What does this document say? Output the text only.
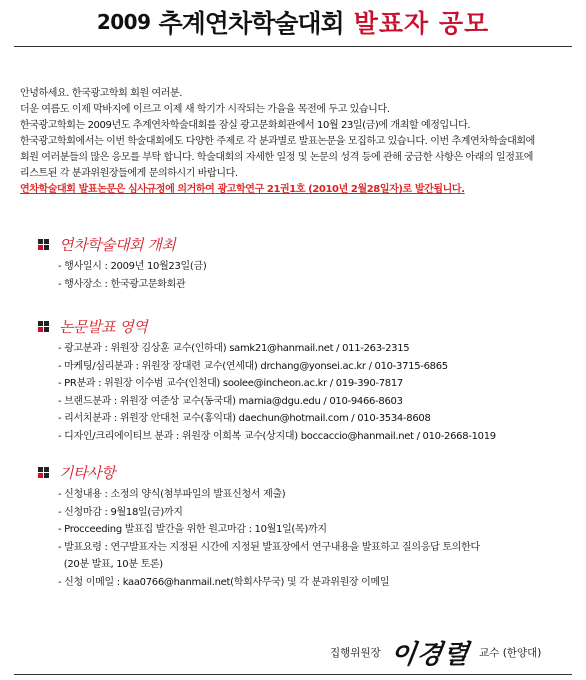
2009 추계연차학술대회 발표자 공모

안녕하세요. 한국광고학회 회원 여러분.

더운 여름도 이제 막바지에 이르고 이제 새 학기가 시작되는 가을을 목전에 두고 있습니다.

한국광고학회는 2009년도 추계연차학술대회를 잠실 광고문화회관에서 10월 23일(금)에 개최할 예정입니다.

한국광고학회에서는 이번 학술대회에도 다양한 주제로 각 분과별로 발표논문을 모집하고 있습니다. 이번 추계연차학술대회에

회원 여러분들의 많은 응모를 부탁 합니다. 학술대회의 자세한 일정 및 논문의 성격 등에 관해 궁금한 사항은 아래의 일정표에

리스트된 각 분과위원장들에게 문의하시기 바랍니다.

연차학술대회 발표논문은 심사규정에 의거하여 광고학연구 21권1호 (2010년 2월28일자)로 발간됩니다.

연차학술대회 개최
- 행사일시 : 2009년 10월23일(금)
- 행사장소 : 한국광고문화회관
논문발표 영역
- 광고분과 : 위원장 김상훈 교수(인하대) samk21@hanmail.net / 011-263-2315
- 마케팅/심리분과 : 위원장 장대련 교수(연세대) drchang@yonsei.ac.kr / 010-3715-6865
- PR분과 : 위원장 이수범 교수(인천대) soolee@incheon.ac.kr / 019-390-7817
- 브랜드분과 : 위원장 여준상 교수(동국대) marnia@dgu.edu / 010-9466-8603
- 리서치분과 : 위원장 안대천 교수(홍익대) daechun@hotmail.com / 010-3534-8608
- 디자인/크리에이티브 분과 : 위원장 이희복 교수(상지대) boccaccio@hanmail.net / 010-2668-1019
기타사항
- 신청내용 : 소정의 양식(첨부파일의 발표신청서 제출)
- 신청마감 : 9월18일(금)까지
- Procceeding 발표집 발간을 위한 원고마감 : 10월1일(목)까지
- 발표요령 : 연구발표자는 지정된 시간에 지정된 발표장에서 연구내용을 발표하고 질의응답 토의한다
(20분 발표, 10분 토론)
- 신청 이메일 : kaa0766@hanmail.net(학회사무국) 및 각 분과위원장 이메일
집행위원장 이경렬 교수 (한양대)
